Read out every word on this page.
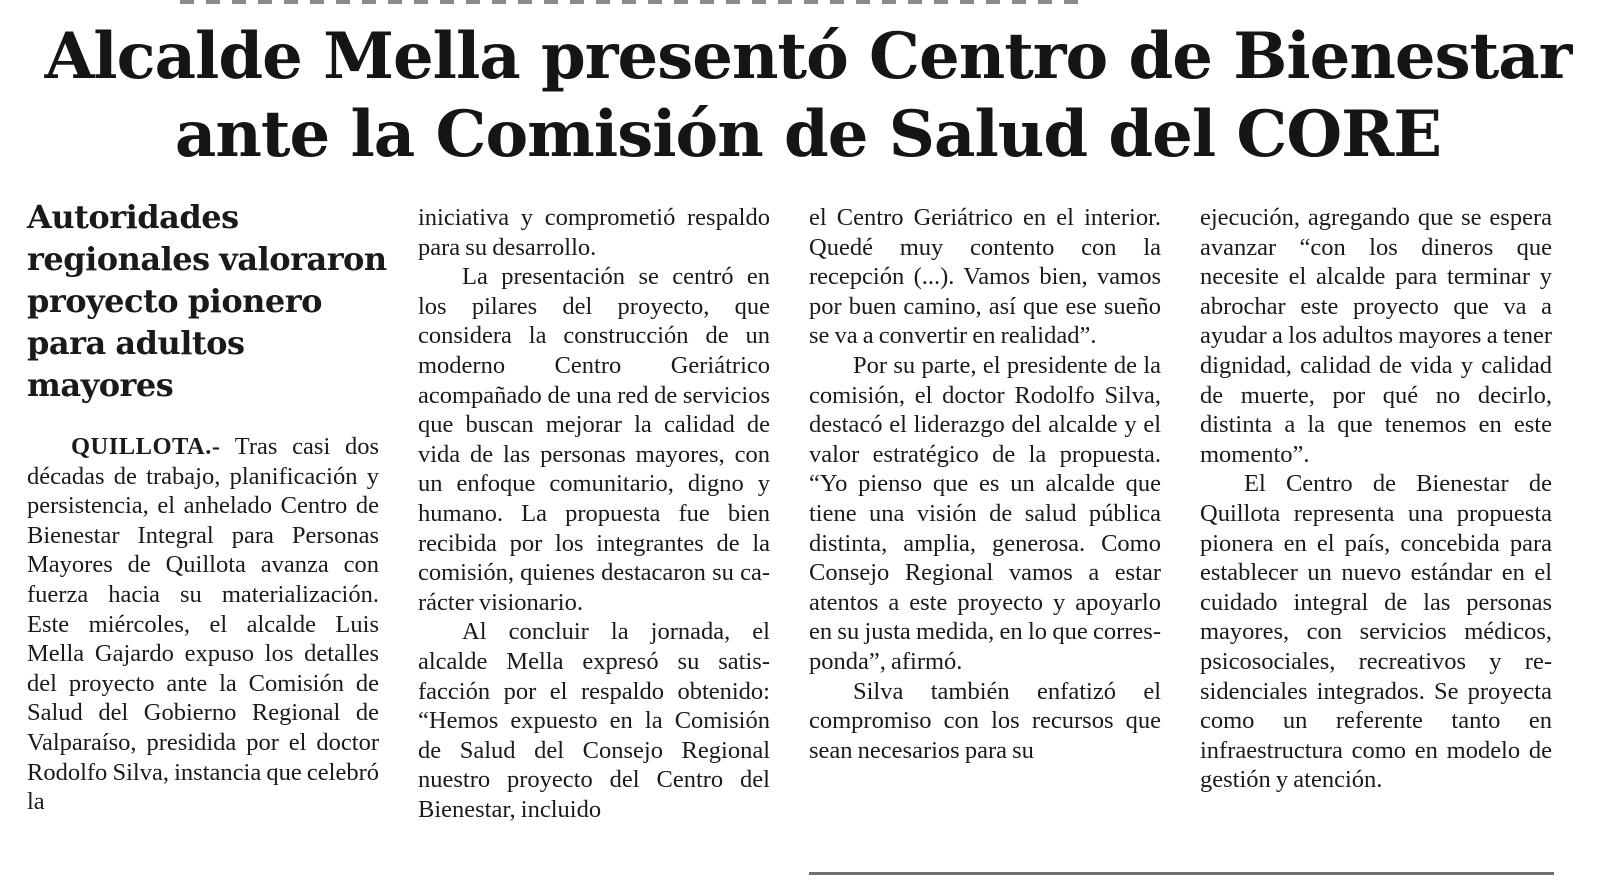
Alcalde Mella presentó Centro de Bienestar
ante la Comisión de Salud del CORE
Autoridades regionales valoraron proyecto pionero para adultos mayores

QUILLOTA.- Tras casi dos décadas de trabajo, planificación y persistencia, el anhelado Centro de Bienestar Integral para Personas Mayores de Quillota avanza con fuerza hacia su materialización. Este miércoles, el alcalde Luis Mella Gajardo expuso los detalles del proyecto ante la Comisión de Salud del Gobierno Regional de Valparaíso, presidida por el doctor Rodolfo Silva, instancia que celebró la

iniciativa y comprometió respaldo para su desarrollo.

La presentación se centró en los pilares del proyecto, que considera la construcción de un moderno Centro Geriátrico acompañado de una red de servicios que buscan mejorar la calidad de vida de las personas mayores, con un enfoque comunitario, digno y humano. La propuesta fue bien recibida por los integrantes de la comisión, quienes destacaron su carácter visionario.

Al concluir la jornada, el alcalde Mella expresó su satisfacción por el respaldo obtenido: “Hemos expuesto en la Comisión de Salud del Consejo Regional nuestro proyecto del Centro del Bienestar, incluido

el Centro Geriátrico en el interior. Quedé muy contento con la recepción (...). Vamos bien, vamos por buen camino, así que ese sueño se va a convertir en realidad”.

Por su parte, el presidente de la comisión, el doctor Rodolfo Silva, destacó el liderazgo del alcalde y el valor estratégico de la propuesta. “Yo pienso que es un alcalde que tiene una visión de salud pública distinta, amplia, generosa. Como Consejo Regional vamos a estar atentos a este proyecto y apoyarlo en su justa medida, en lo que corresponda”, afirmó.

Silva también enfatizó el compromiso con los recursos que sean necesarios para su

ejecución, agregando que se espera avanzar “con los dineros que necesite el alcalde para terminar y abrochar este proyecto que va a ayudar a los adultos mayores a tener dignidad, calidad de vida y calidad de muerte, por qué no decirlo, distinta a la que tenemos en este momento”.

El Centro de Bienestar de Quillota representa una propuesta pionera en el país, concebida para establecer un nuevo estándar en el cuidado integral de las personas mayores, con servicios médicos, psicosociales, recreativos y residenciales integrados. Se proyecta como un referente tanto en infraestructura como en modelo de gestión y atención.
